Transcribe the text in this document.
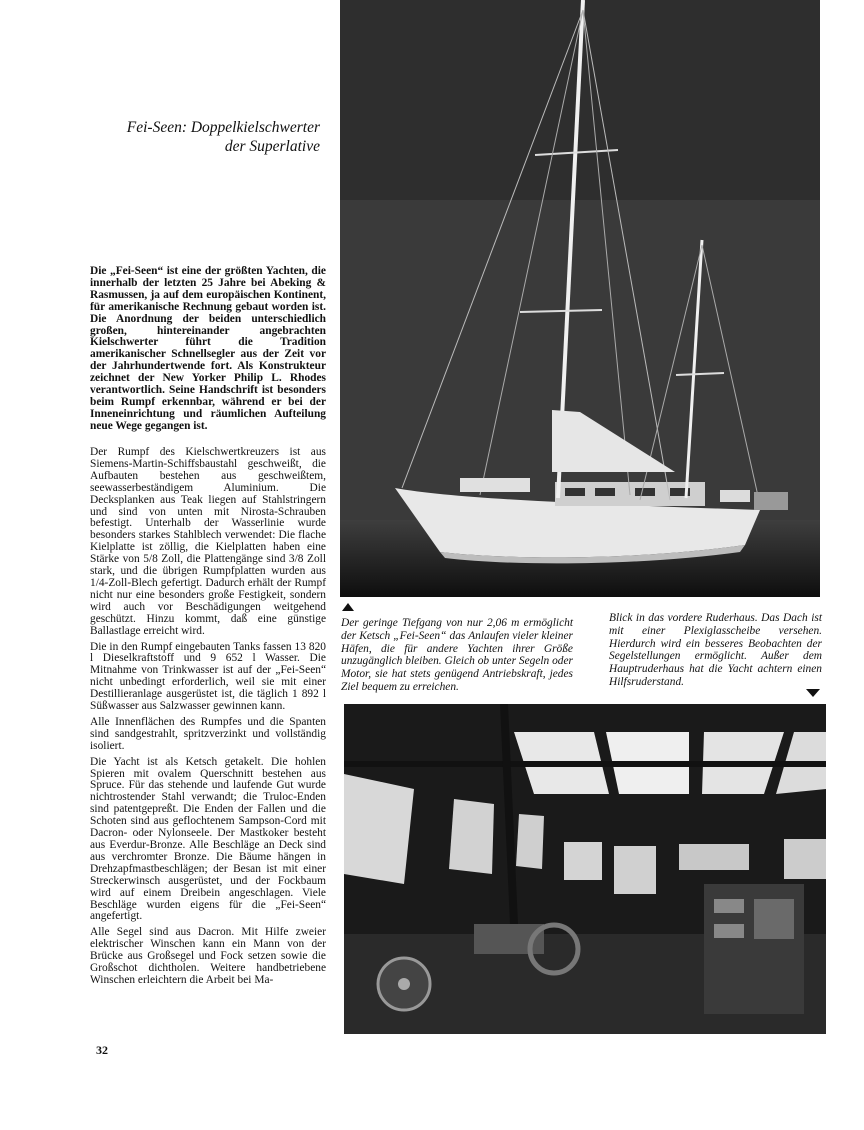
Fei-Seen: Doppelkielschwerter
der Superlative

Die „Fei-Seen“ ist eine der größten Yachten, die innerhalb der letzten 25 Jahre bei Abeking & Rasmussen, ja auf dem europäischen Kontinent, für amerikanische Rechnung gebaut worden ist. Die Anordnung der beiden unterschiedlich großen, hintereinander angebrachten Kielschwerter führt die Tradition amerikanischer Schnellsegler aus der Zeit vor der Jahrhundertwende fort. Als Konstrukteur zeichnet der New Yorker Philip L. Rhodes verantwortlich. Seine Handschrift ist besonders beim Rumpf erkennbar, während er bei der Inneneinrichtung und räumlichen Aufteilung neue Wege gegangen ist.

Der Rumpf des Kielschwertkreuzers ist aus Siemens-Martin-Schiffsbaustahl geschweißt, die Aufbauten bestehen aus geschweißtem, seewasserbeständigem Aluminium. Die Decksplanken aus Teak liegen auf Stahlstringern und sind von unten mit Nirosta-Schrauben befestigt. Unterhalb der Wasserlinie wurde besonders starkes Stahlblech verwendet: Die flache Kielplatte ist zöllig, die Kielplatten haben eine Stärke von 5/8 Zoll, die Plattengänge sind 3/8 Zoll stark, und die übrigen Rumpfplatten wurden aus 1/4-Zoll-Blech gefertigt. Dadurch erhält der Rumpf nicht nur eine besonders große Festigkeit, sondern wird auch vor Beschädigungen weitgehend geschützt. Hinzu kommt, daß eine günstige Ballastlage erreicht wird.

Die in den Rumpf eingebauten Tanks fassen 13 820 l Dieselkraftstoff und 9 652 l Wasser. Die Mitnahme von Trinkwasser ist auf der „Fei-Seen“ nicht unbedingt erforderlich, weil sie mit einer Destillieranlage ausgerüstet ist, die täglich 1 892 l Süßwasser aus Salzwasser gewinnen kann.

Alle Innenflächen des Rumpfes und die Spanten sind sandgestrahlt, spritzverzinkt und vollständig isoliert.

Die Yacht ist als Ketsch getakelt. Die hohlen Spieren mit ovalem Querschnitt bestehen aus Spruce. Für das stehende und laufende Gut wurde nichtrostender Stahl verwandt; die Truloc-Enden sind patentgepreßt. Die Enden der Fallen und die Schoten sind aus geflochtenem Sampson-Cord mit Dacron- oder Nylonseele. Der Mastkoker besteht aus Everdur-Bronze. Alle Beschläge an Deck sind aus verchromter Bronze. Die Bäume hängen in Drehzapfmastbeschlägen; der Besan ist mit einer Streckerwinsch ausgerüstet, und der Fockbaum wird auf einem Dreibein angeschlagen. Viele Beschläge wurden eigens für die „Fei-Seen“ angefertigt.

Alle Segel sind aus Dacron. Mit Hilfe zweier elektrischer Winschen kann ein Mann von der Brücke aus Großsegel und Fock setzen sowie die Großschot dichtholen. Weitere handbetriebene Winschen erleichtern die Arbeit bei Ma-

Der geringe Tiefgang von nur 2,06 m ermöglicht der Ketsch „Fei-Seen“ das Anlaufen vieler kleiner Häfen, die für andere Yachten ihrer Größe unzugänglich bleiben. Gleich ob unter Segeln oder Motor, sie hat stets genügend Antriebskraft, jedes Ziel bequem zu erreichen.
Blick in das vordere Ruderhaus. Das Dach ist mit einer Plexiglasscheibe versehen. Hierdurch wird ein besseres Beobachten der Segelstellungen ermöglicht. Außer dem Hauptruderhaus hat die Yacht achtern einen Hilfsruderstand.
32
